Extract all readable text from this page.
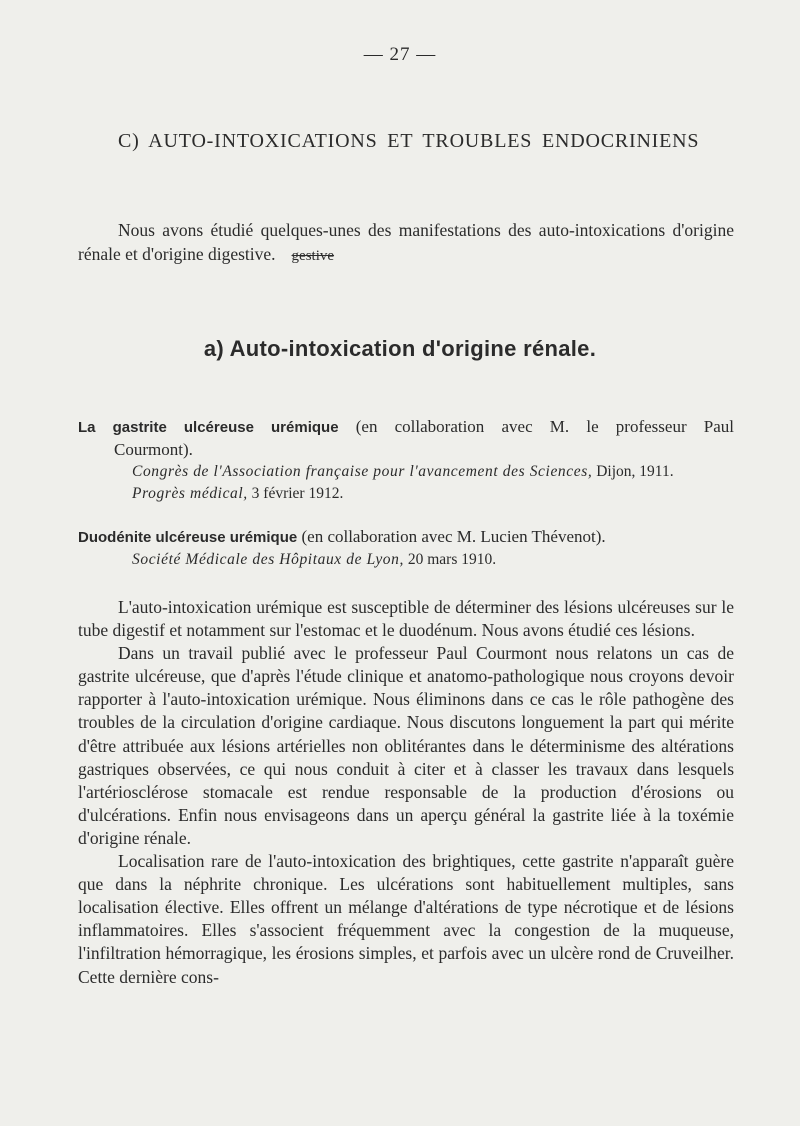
— 27 —
C) AUTO-INTOXICATIONS ET TROUBLES ENDOCRINIENS
Nous avons étudié quelques-unes des manifestations des auto-intoxications d'origine rénale et d'origine digestive. gestive
a) Auto-intoxication d'origine rénale.
La gastrite ulcéreuse urémique (en collaboration avec M. le professeur Paul
Courmont).
Congrès de l'Association française pour l'avancement des Sciences, Dijon, 1911.
Progrès médical, 3 février 1912.
Duodénite ulcéreuse urémique (en collaboration avec M. Lucien Thévenot).
Société Médicale des Hôpitaux de Lyon, 20 mars 1910.

L'auto-intoxication urémique est susceptible de déterminer des lésions ulcéreuses sur le tube digestif et notamment sur l'estomac et le duodénum. Nous avons étudié ces lésions.

Dans un travail publié avec le professeur Paul Courmont nous relatons un cas de gastrite ulcéreuse, que d'après l'étude clinique et anatomo-pathologique nous croyons devoir rapporter à l'auto-intoxication urémique. Nous éliminons dans ce cas le rôle pathogène des troubles de la circulation d'origine cardiaque. Nous discutons longuement la part qui mérite d'être attribuée aux lésions artérielles non oblitérantes dans le déterminisme des altérations gastriques observées, ce qui nous conduit à citer et à classer les travaux dans lesquels l'artériosclérose stomacale est rendue responsable de la production d'érosions ou d'ulcérations. Enfin nous envisageons dans un aperçu général la gastrite liée à la toxémie d'origine rénale.

Localisation rare de l'auto-intoxication des brightiques, cette gastrite n'apparaît guère que dans la néphrite chronique. Les ulcérations sont habituellement multiples, sans localisation élective. Elles offrent un mélange d'altérations de type nécrotique et de lésions inflammatoires. Elles s'associent fréquemment avec la congestion de la muqueuse, l'infiltration hémorragique, les érosions simples, et parfois avec un ulcère rond de Cruveilher. Cette dernière cons-
